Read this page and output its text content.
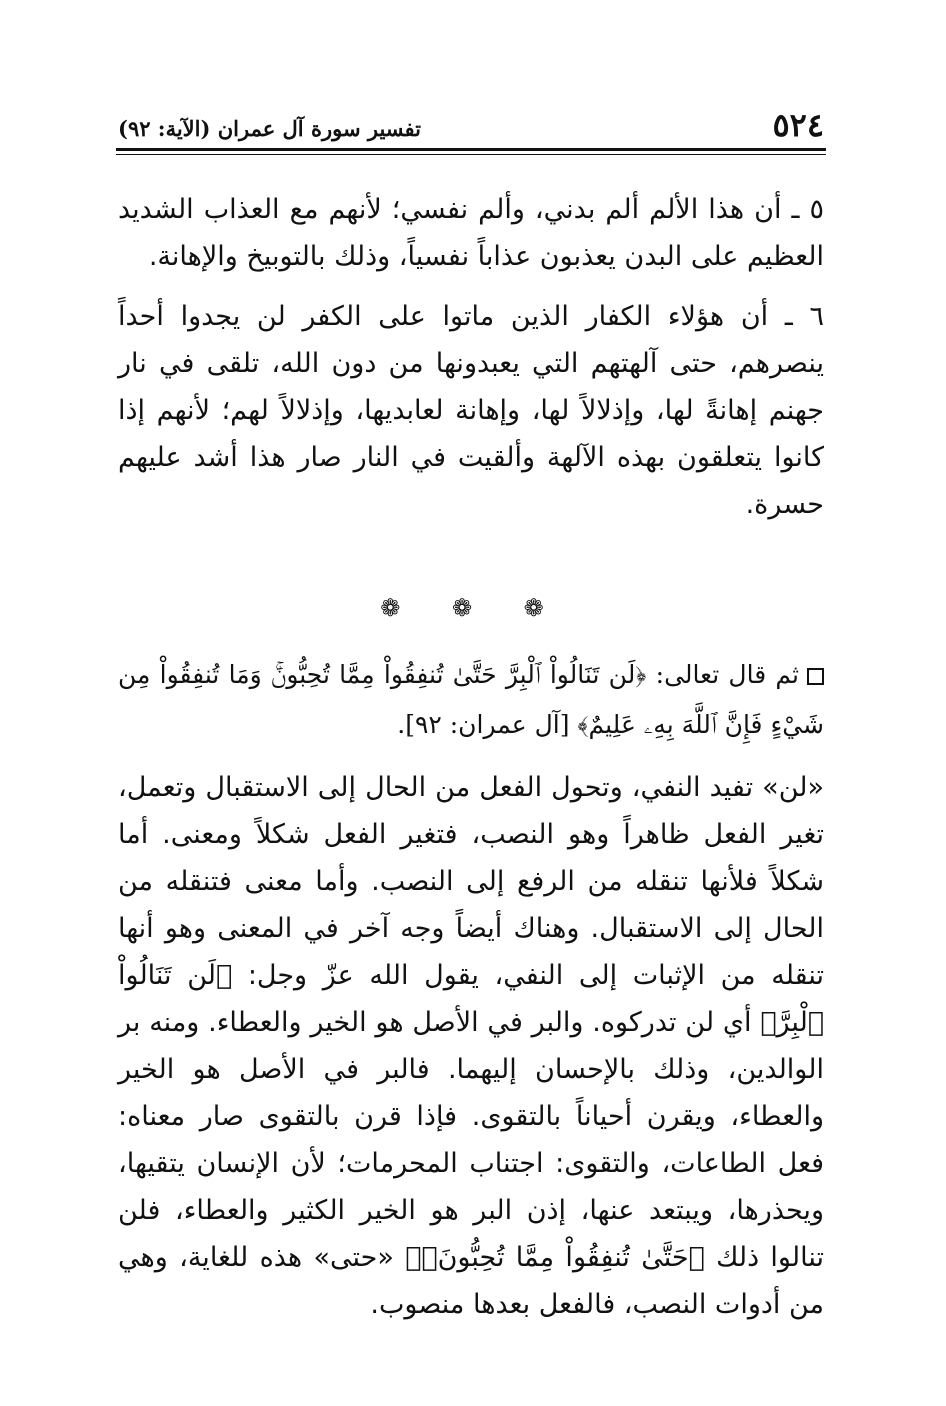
٥٢٤
تفسير سورة آل عمران (الآية: ٩٢)

٥ ـ أن هذا الألم ألم بدني، وألم نفسي؛ لأنهم مع العذاب الشديد العظيم على البدن يعذبون عذاباً نفسياً، وذلك بالتوبيخ والإهانة.

٦ ـ أن هؤلاء الكفار الذين ماتوا على الكفر لن يجدوا أحداً ينصرهم، حتى آلهتهم التي يعبدونها من دون الله، تلقى في نار جهنم إهانةً لها، وإذلالاً لها، وإهانة لعابديها، وإذلالاً لهم؛ لأنهم إذا كانوا يتعلقون بهذه الآلهة وألقيت في النار صار هذا أشد عليهم حسرة.

❁ ❁ ❁
ثم قال تعالى: ﴿لَن تَنَالُواْ ٱلْبِرَّ حَتَّىٰ تُنفِقُواْ مِمَّا تُحِبُّونَۚ وَمَا تُنفِقُواْ مِن شَيْءٍ فَإِنَّ ٱللَّهَ بِهِۦ عَلِيمٌ﴾ [آل عمران: ٩٢].

«لن» تفيد النفي، وتحول الفعل من الحال إلى الاستقبال وتعمل، تغير الفعل ظاهراً وهو النصب، فتغير الفعل شكلاً ومعنى. أما شكلاً فلأنها تنقله من الرفع إلى النصب. وأما معنى فتنقله من الحال إلى الاستقبال. وهناك أيضاً وجه آخر في المعنى وهو أنها تنقله من الإثبات إلى النفي، يقول الله عزّ وجل: ﴿لَن تَنَالُواْ ٱلْبِرَّ﴾ أي لن تدركوه. والبر في الأصل هو الخير والعطاء. ومنه بر الوالدين، وذلك بالإحسان إليهما. فالبر في الأصل هو الخير والعطاء، ويقرن أحياناً بالتقوى. فإذا قرن بالتقوى صار معناه: فعل الطاعات، والتقوى: اجتناب المحرمات؛ لأن الإنسان يتقيها، ويحذرها، ويبتعد عنها، إذن البر هو الخير الكثير والعطاء، فلن تنالوا ذلك ﴿حَتَّىٰ تُنفِقُواْ مِمَّا تُحِبُّونَۚ﴾ «حتى» هذه للغاية، وهي من أدوات النصب، فالفعل بعدها منصوب.
